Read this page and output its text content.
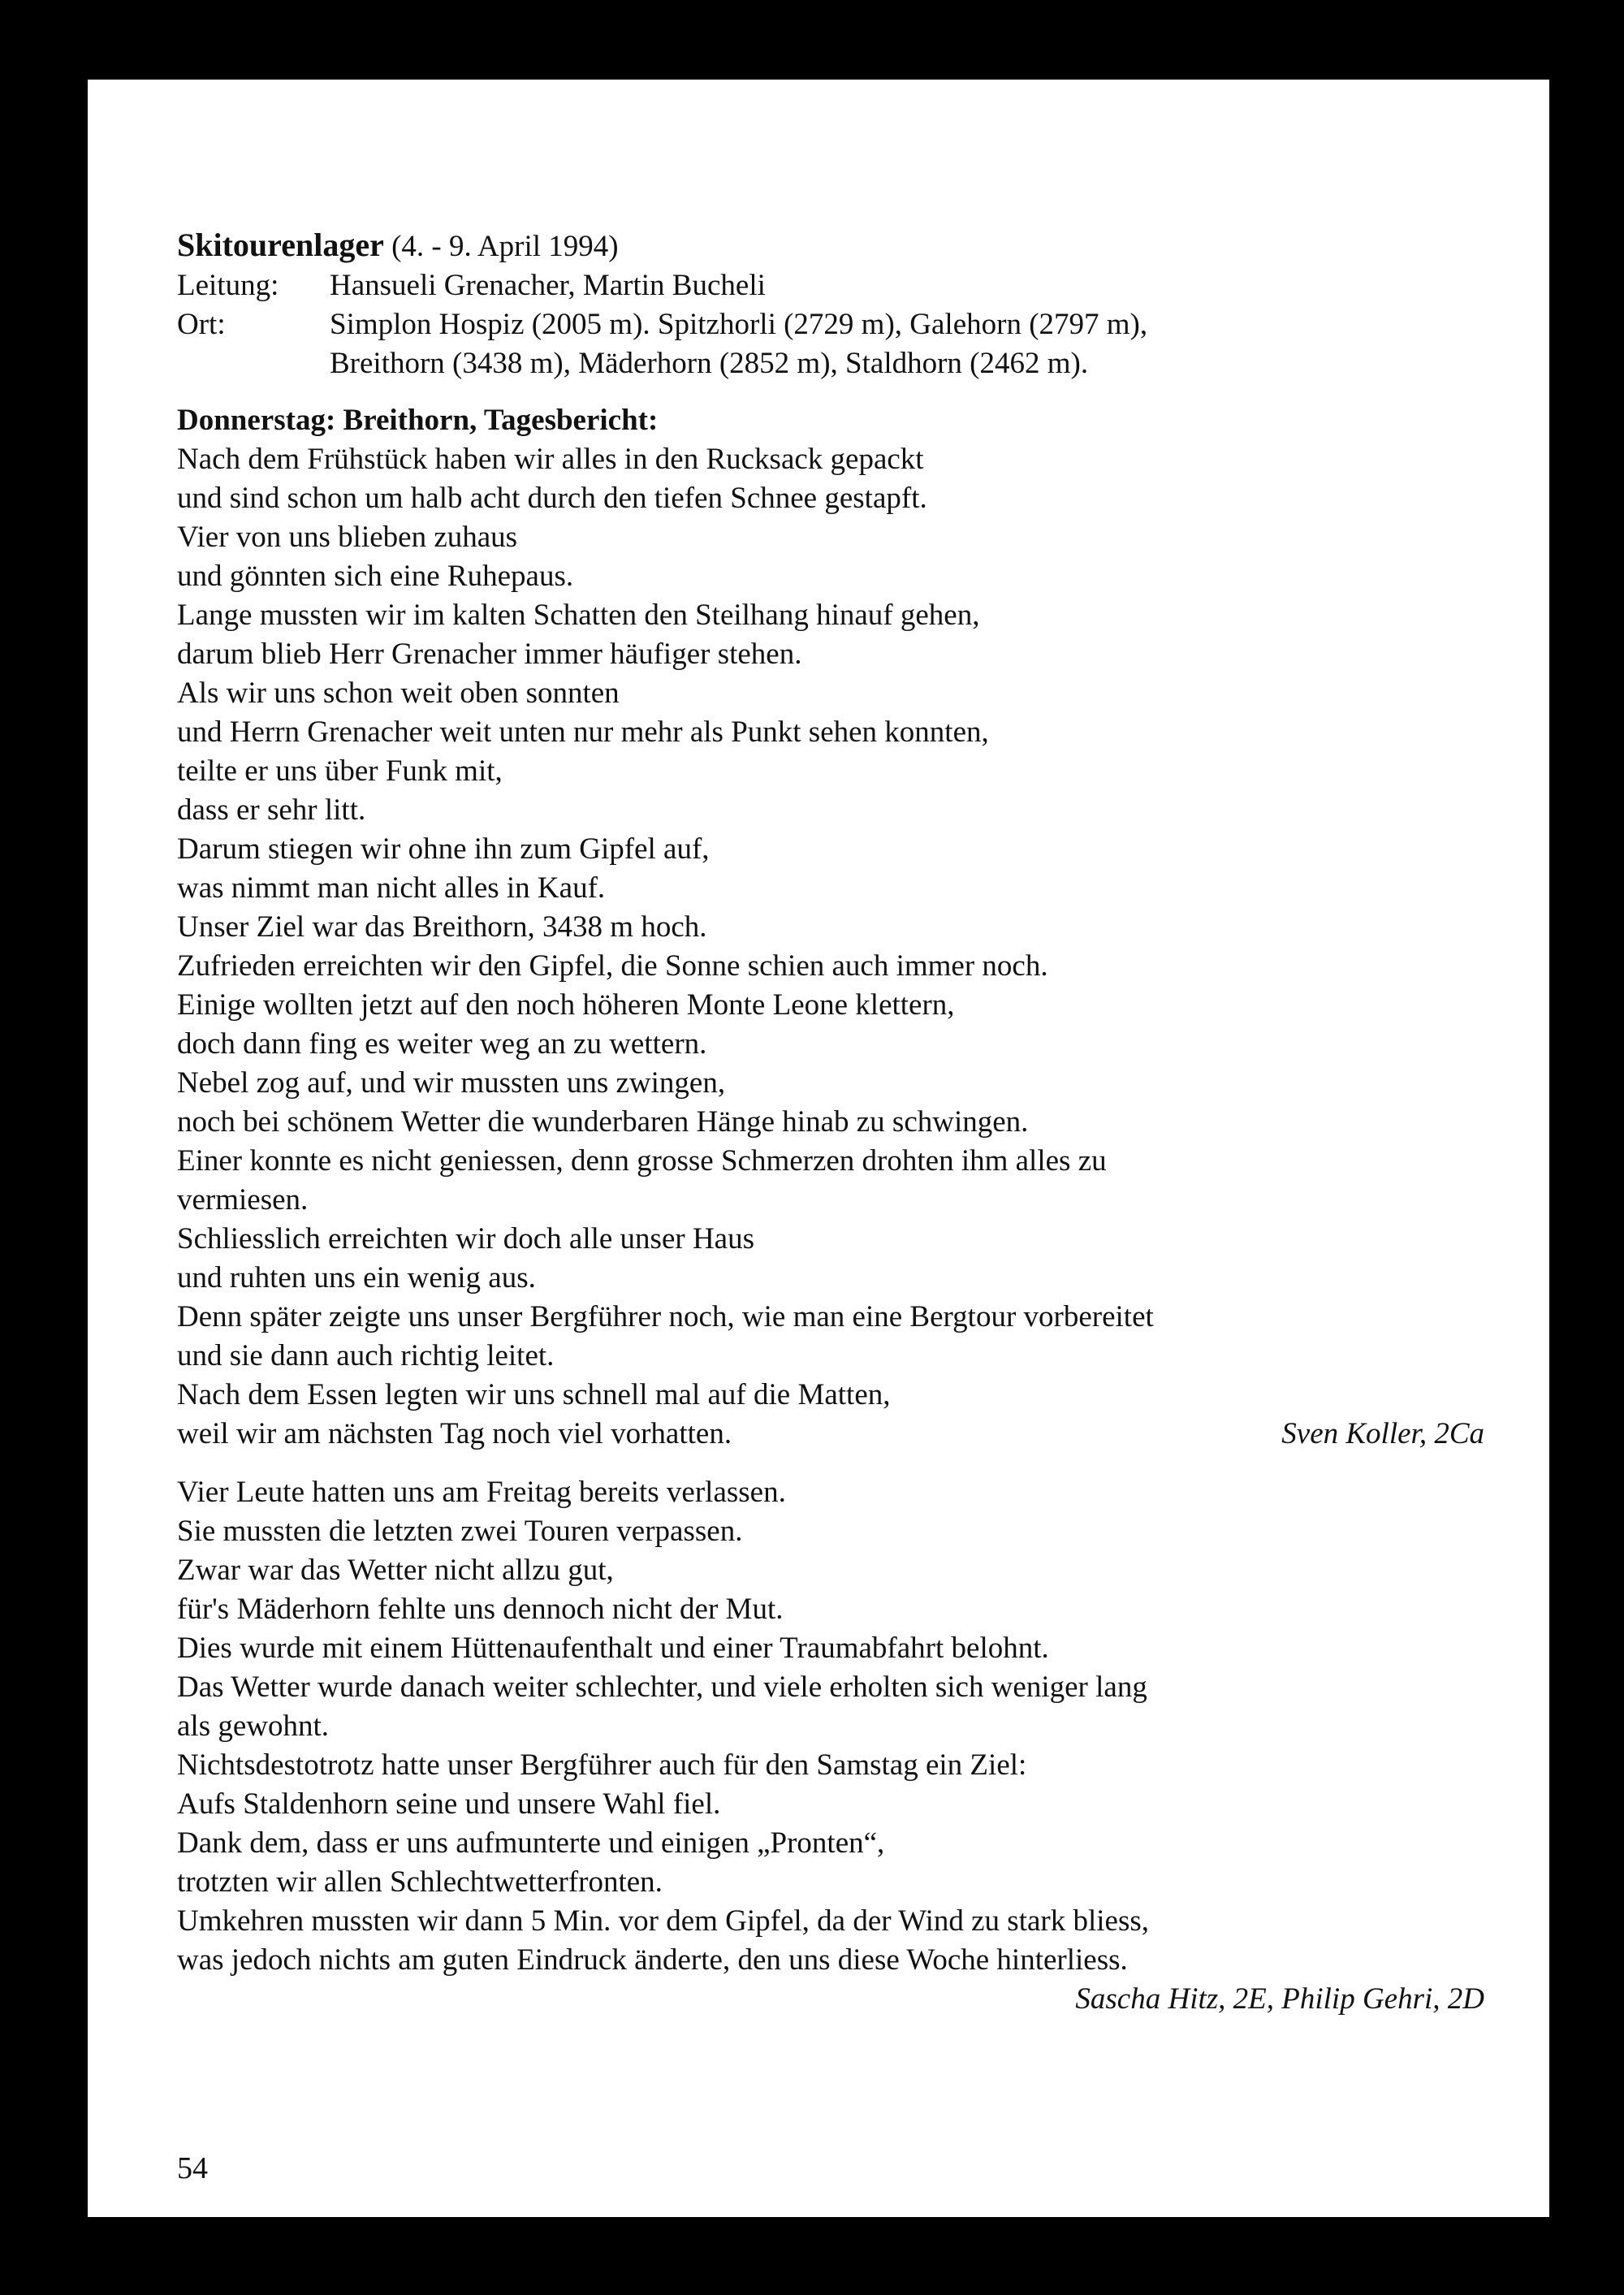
Skitourenlager (4. - 9. April 1994)
Leitung:	Hansueli Grenacher, Martin Bucheli
Ort:	Simplon Hospiz (2005 m). Spitzhorli (2729 m), Galehorn (2797 m),
Breithorn (3438 m), Mäderhorn (2852 m), Staldhorn (2462 m).
Donnerstag: Breithorn, Tagesbericht:
Nach dem Frühstück haben wir alles in den Rucksack gepackt
und sind schon um halb acht durch den tiefen Schnee gestapft.
Vier von uns blieben zuhaus
und gönnten sich eine Ruhepaus.
Lange mussten wir im kalten Schatten den Steilhang hinauf gehen,
darum blieb Herr Grenacher immer häufiger stehen.
Als wir uns schon weit oben sonnten
und Herrn Grenacher weit unten nur mehr als Punkt sehen konnten,
teilte er uns über Funk mit,
dass er sehr litt.
Darum stiegen wir ohne ihn zum Gipfel auf,
was nimmt man nicht alles in Kauf.
Unser Ziel war das Breithorn, 3438 m hoch.
Zufrieden erreichten wir den Gipfel, die Sonne schien auch immer noch.
Einige wollten jetzt auf den noch höheren Monte Leone klettern,
doch dann fing es weiter weg an zu wettern.
Nebel zog auf, und wir mussten uns zwingen,
noch bei schönem Wetter die wunderbaren Hänge hinab zu schwingen.
Einer konnte es nicht geniessen, denn grosse Schmerzen drohten ihm alles zu
vermiesen.
Schliesslich erreichten wir doch alle unser Haus
und ruhten uns ein wenig aus.
Denn später zeigte uns unser Bergführer noch, wie man eine Bergtour vorbereitet
und sie dann auch richtig leitet.
Nach dem Essen legten wir uns schnell mal auf die Matten,
weil wir am nächsten Tag noch viel vorhatten.	Sven Koller, 2Ca
Vier Leute hatten uns am Freitag bereits verlassen.
Sie mussten die letzten zwei Touren verpassen.
Zwar war das Wetter nicht allzu gut,
für's Mäderhorn fehlte uns dennoch nicht der Mut.
Dies wurde mit einem Hüttenaufenthalt und einer Traumabfahrt belohnt.
Das Wetter wurde danach weiter schlechter, und viele erholten sich weniger lang
als gewohnt.
Nichtsdestotrotz hatte unser Bergführer auch für den Samstag ein Ziel:
Aufs Staldenhorn seine und unsere Wahl fiel.
Dank dem, dass er uns aufmunterte und einigen „Pronten“,
trotzten wir allen Schlechtwetterfronten.
Umkehren mussten wir dann 5 Min. vor dem Gipfel, da der Wind zu stark bliess,
was jedoch nichts am guten Eindruck änderte, den uns diese Woche hinterliess.
Sascha Hitz, 2E, Philip Gehri, 2D
54
